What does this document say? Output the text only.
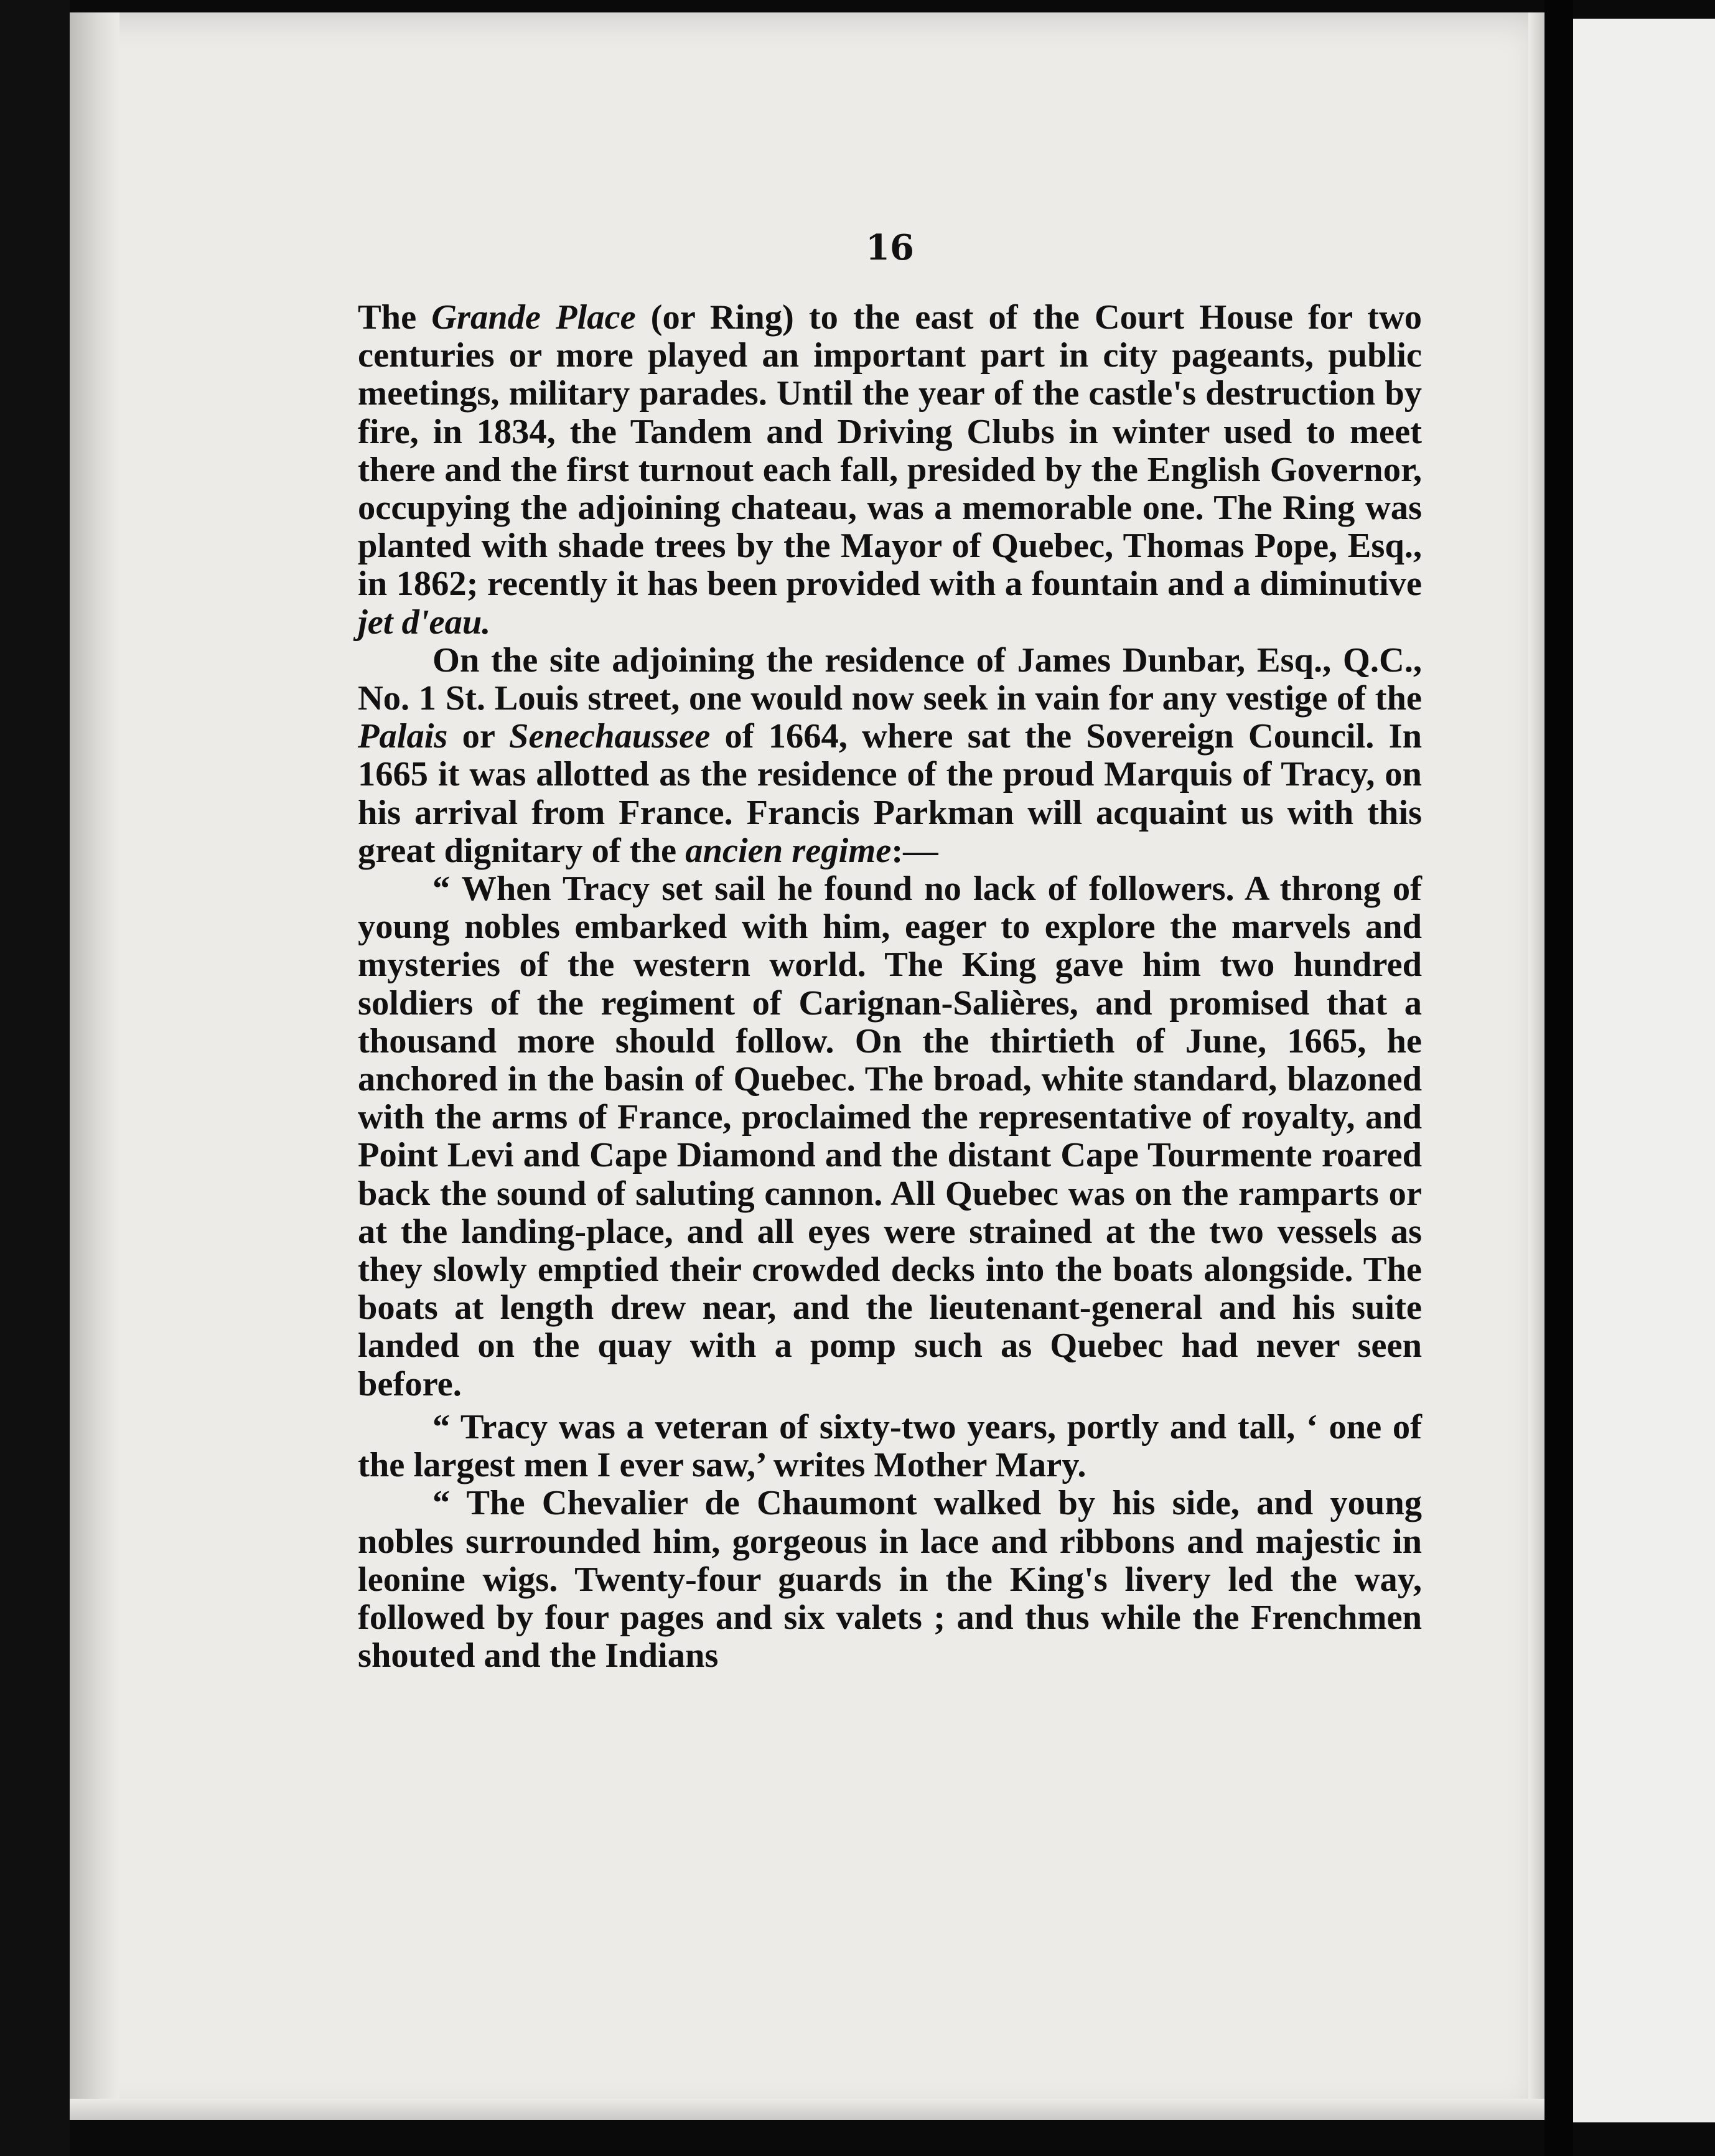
16

The Grande Place (or Ring) to the east of the Court House for two centuries or more played an important part in city pageants, public meetings, military parades. Until the year of the castle's destruction by fire, in 1834, the Tandem and Driving Clubs in winter used to meet there and the first turnout each fall, presided by the English Governor, occupying the adjoining chateau, was a memorable one. The Ring was planted with shade trees by the Mayor of Quebec, Thomas Pope, Esq., in 1862; recently it has been provided with a fountain and a diminutive jet d'eau.

On the site adjoining the residence of James Dunbar, Esq., Q.C., No. 1 St. Louis street, one would now seek in vain for any vestige of the Palais or Senechaussee of 1664, where sat the Sovereign Council. In 1665 it was allotted as the residence of the proud Marquis of Tracy, on his arrival from France. Francis Parkman will acquaint us with this great dignitary of the ancien regime:—

“ When Tracy set sail he found no lack of followers. A throng of young nobles embarked with him, eager to explore the marvels and mysteries of the western world. The King gave him two hundred soldiers of the regiment of Carignan-Salières, and promised that a thousand more should follow. On the thirtieth of June, 1665, he anchored in the basin of Quebec. The broad, white standard, blazoned with the arms of France, proclaimed the representative of royalty, and Point Levi and Cape Diamond and the distant Cape Tourmente roared back the sound of saluting cannon. All Quebec was on the ramparts or at the landing-place, and all eyes were strained at the two vessels as they slowly emptied their crowded decks into the boats alongside. The boats at length drew near, and the lieutenant-general and his suite landed on the quay with a pomp such as Quebec had never seen before.

“ Tracy was a veteran of sixty-two years, portly and tall, ‘ one of the largest men I ever saw,’ writes Mother Mary.

“ The Chevalier de Chaumont walked by his side, and young nobles surrounded him, gorgeous in lace and ribbons and majestic in leonine wigs. Twenty-four guards in the King's livery led the way, followed by four pages and six valets ; and thus while the Frenchmen shouted and the Indians
